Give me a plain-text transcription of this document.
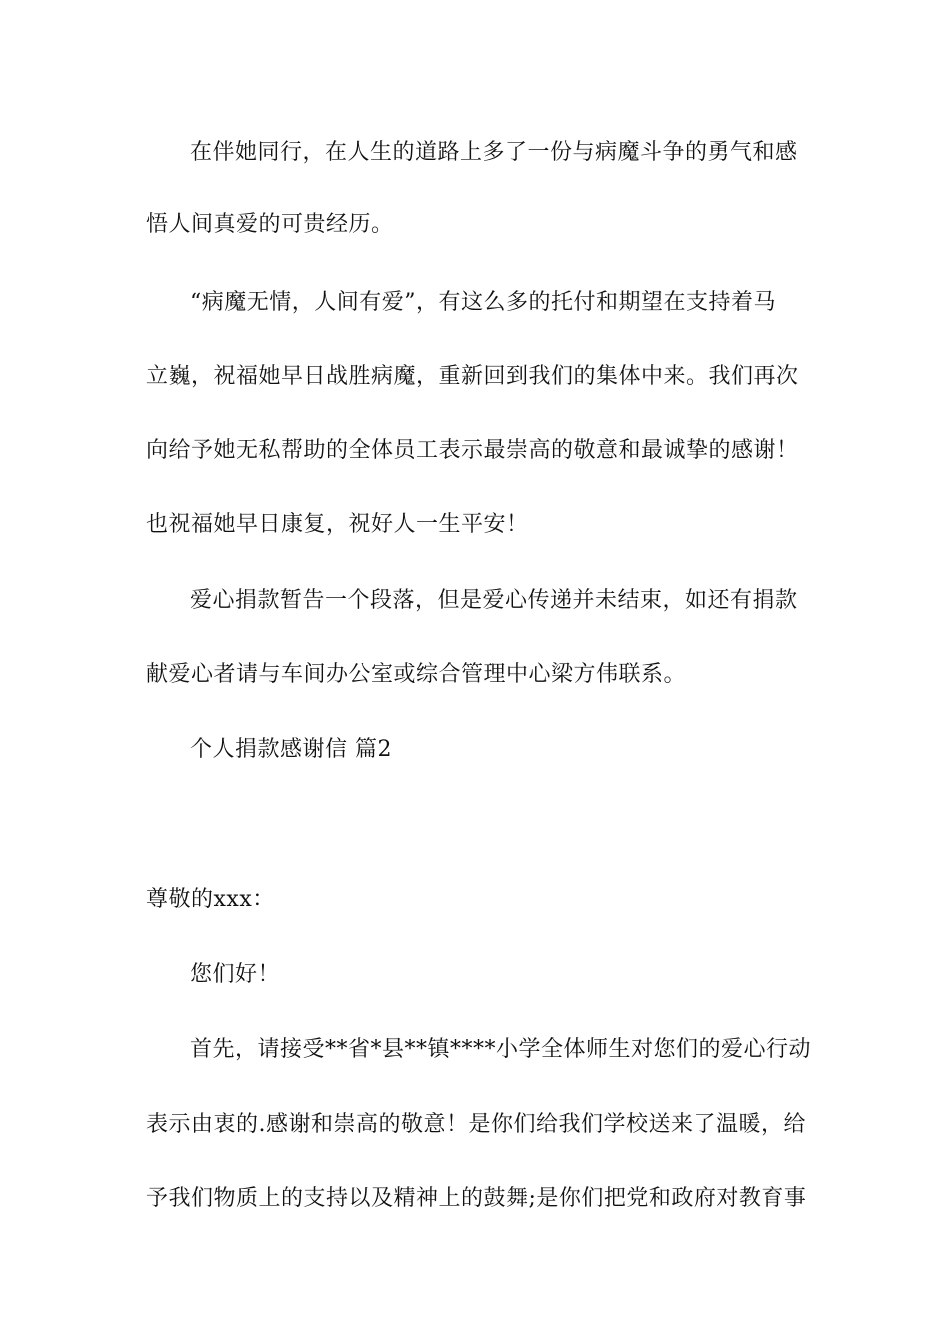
在伴她同行，在人生的道路上多了一份与病魔斗争的勇气和感
悟人间真爱的可贵经历。
“病魔无情，人间有爱”，有这么多的托付和期望在支持着马
立巍，祝福她早日战胜病魔，重新回到我们的集体中来。我们再次
向给予她无私帮助的全体员工表示最崇高的敬意和最诚挚的感谢！
也祝福她早日康复，祝好人一生平安！
爱心捐款暂告一个段落，但是爱心传递并未结束，如还有捐款
献爱心者请与车间办公室或综合管理中心梁方伟联系。
个人捐款感谢信 篇2
尊敬的xxx：
您们好！
首先，请接受**省*县**镇****小学全体师生对您们的爱心行动
表示由衷的.感谢和崇高的敬意！是你们给我们学校送来了温暖，给
予我们物质上的支持以及精神上的鼓舞;是你们把党和政府对教育事
